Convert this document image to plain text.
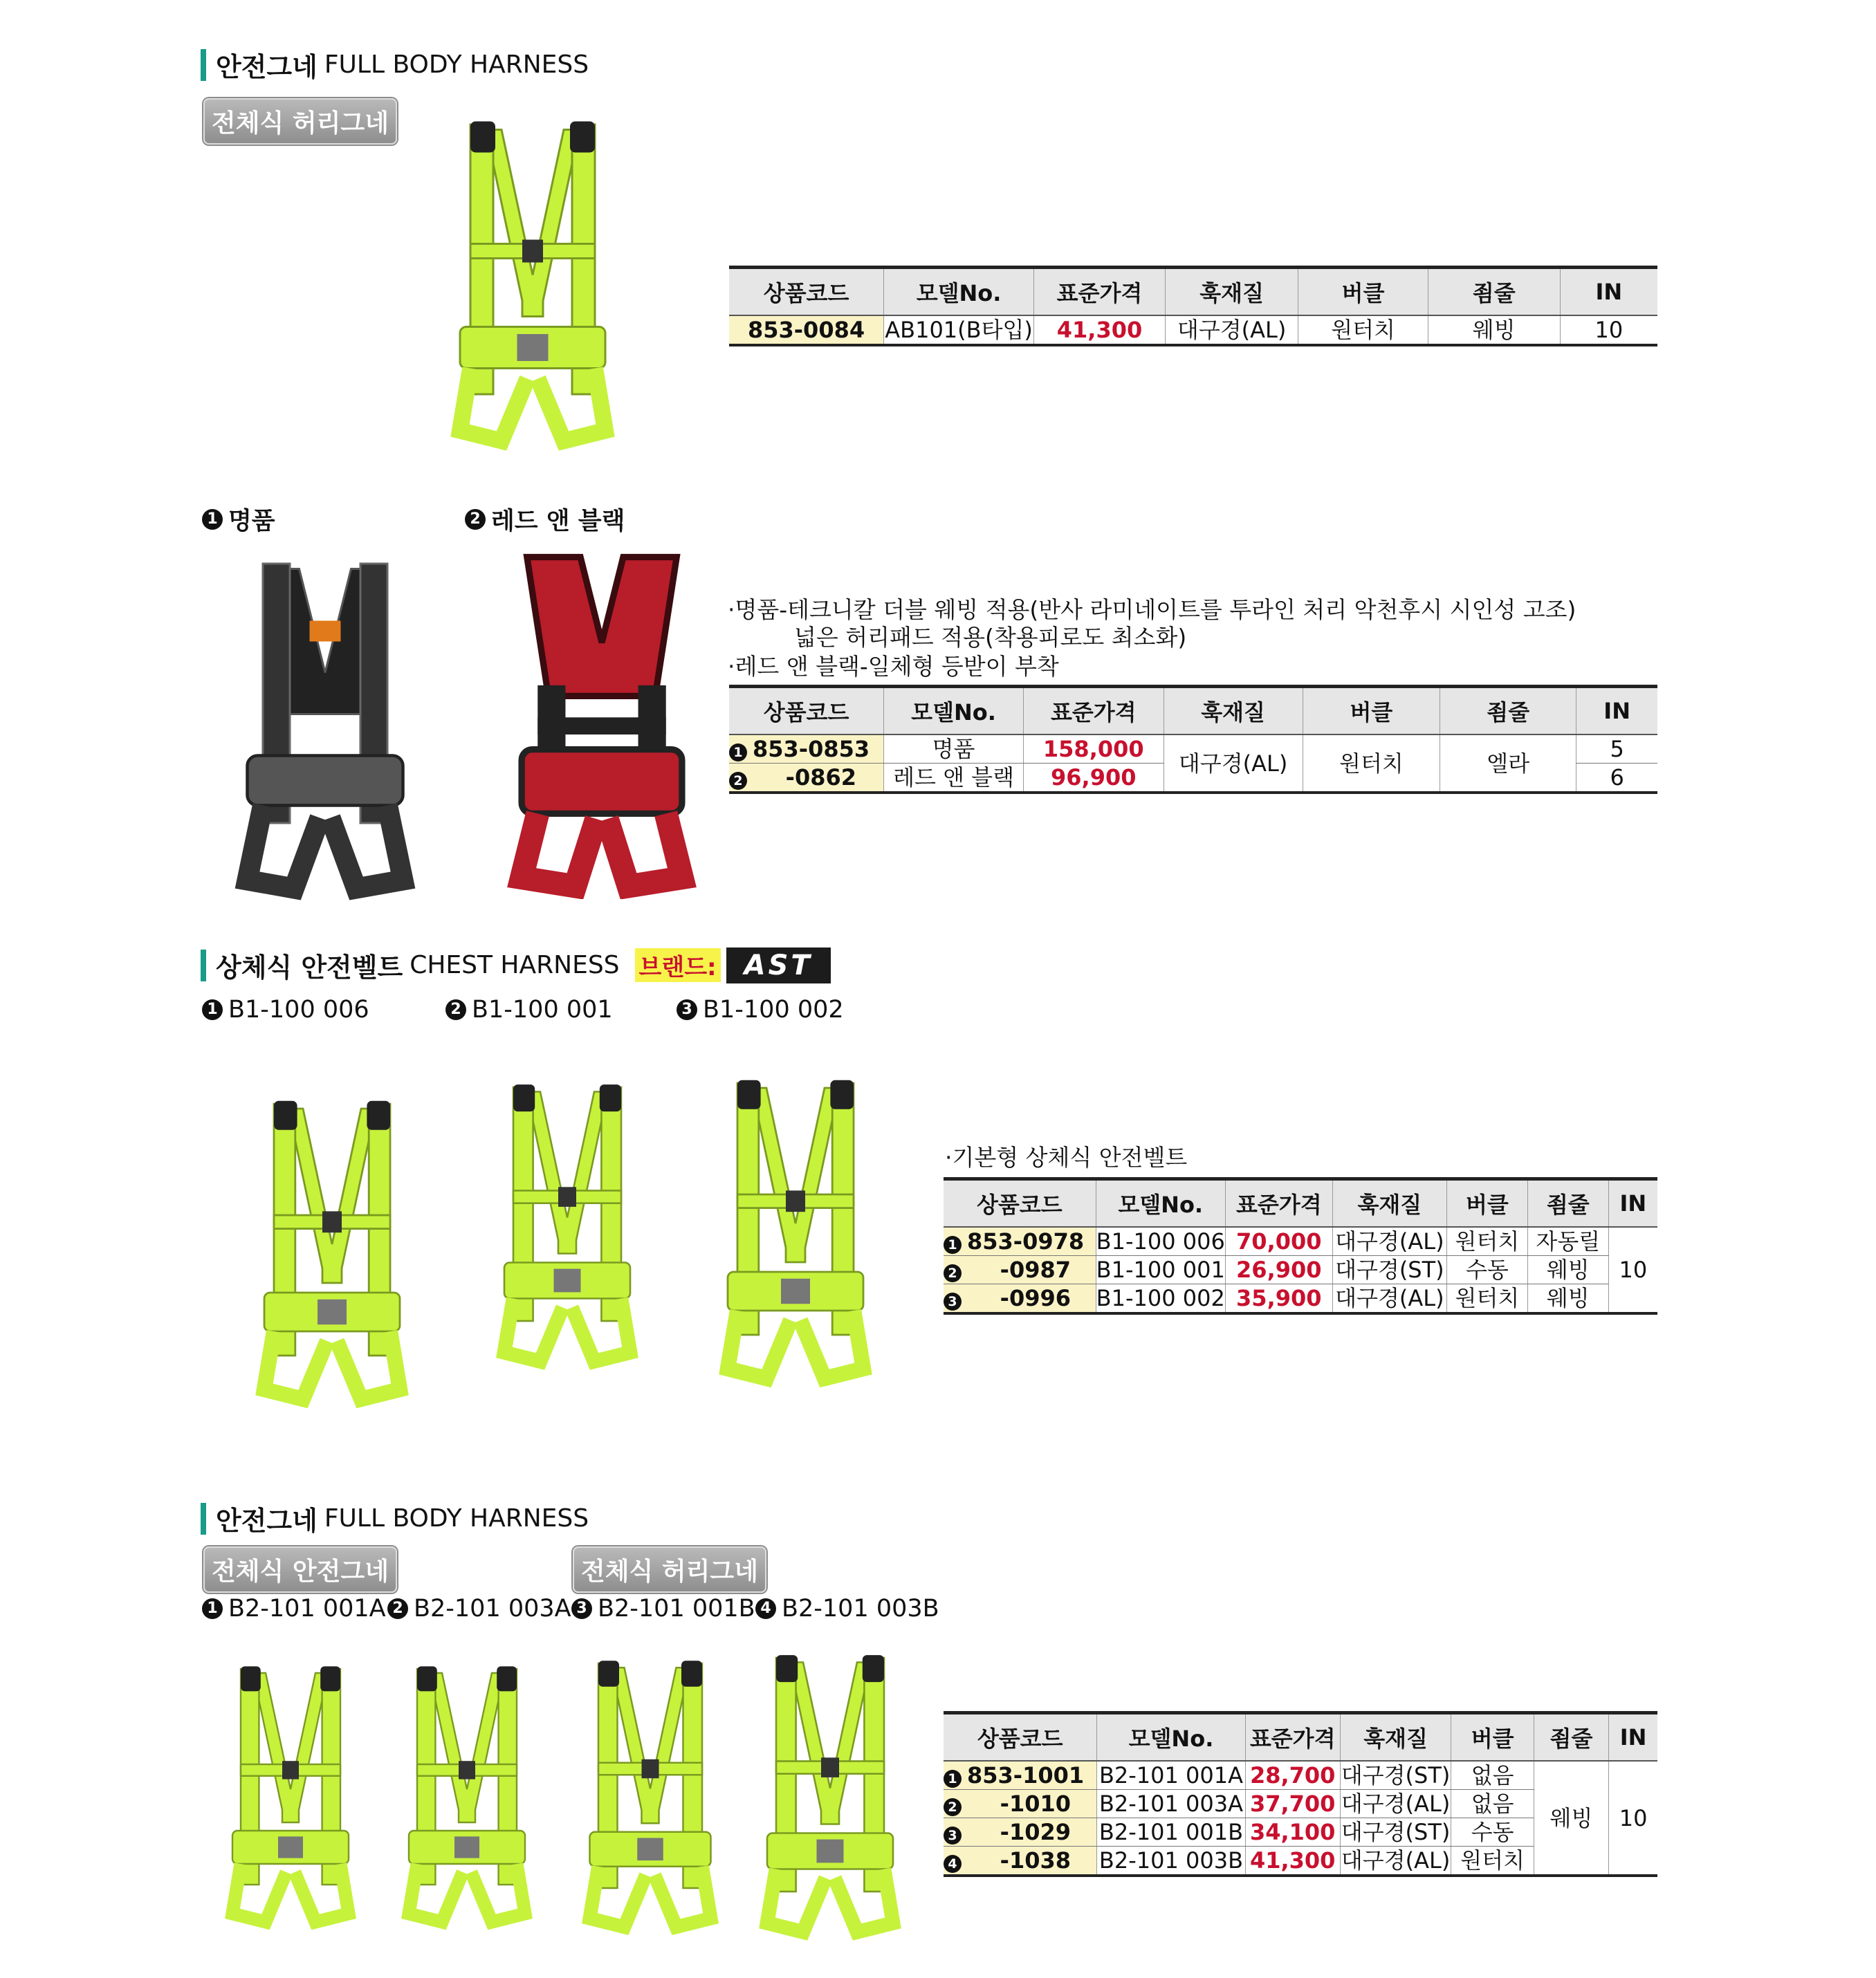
안전그네 FULL BODY HARNESS
전체식 허리그네
상품코드	모델No.	표준가격	훅재질	버클	죔줄	IN
853-0084	AB101(B타입)	41,300	대구경(AL)	원터치	웨빙	10
1 명품	2 레드 앤 블랙
·명품-테크니칼 더블 웨빙 적용(반사 라미네이트를 투라인 처리 악천후시 시인성 고조)
넓은 허리패드 적용(착용피로도 최소화)
·레드 앤 블랙-일체형 등받이 부착
상품코드	모델No.	표준가격	훅재질	버클	죔줄	IN
1 853-0853	명품	158,000	대구경(AL)	원터치	엘라	5
2 -0862	레드 앤 블랙	96,900				6
상체식 안전벨트 CHEST HARNESS 브랜드:	AST
1 B1-100 006	2 B1-100 001	3 B1-100 002
·기본형 상체식 안전벨트
상품코드	모델No.	표준가격	훅재질	버클	죔줄	IN
1 853-0978	B1-100 006	70,000	대구경(AL)	원터치	자동릴	10
2 -0987	B1-100 001	26,900	대구경(ST)	수동	웨빙	
3 -0996	B1-100 002	35,900	대구경(AL)	원터치	웨빙	
안전그네 FULL BODY HARNESS
전체식 안전그네	전체식 허리그네
1 B2-101 001A 2 B2-101 003A 3 B2-101 001B 4 B2-101 003B
상품코드	모델No.	표준가격	훅재질	버클	죔줄	IN
1 853-1001	B2-101 001A	28,700	대구경(ST)	없음	웨빙	10
2 -1010	B2-101 003A	37,700	대구경(AL)	없음		
3 -1029	B2-101 001B	34,100	대구경(ST)	수동		
4 -1038	B2-101 003B	41,300	대구경(AL)	원터치		
